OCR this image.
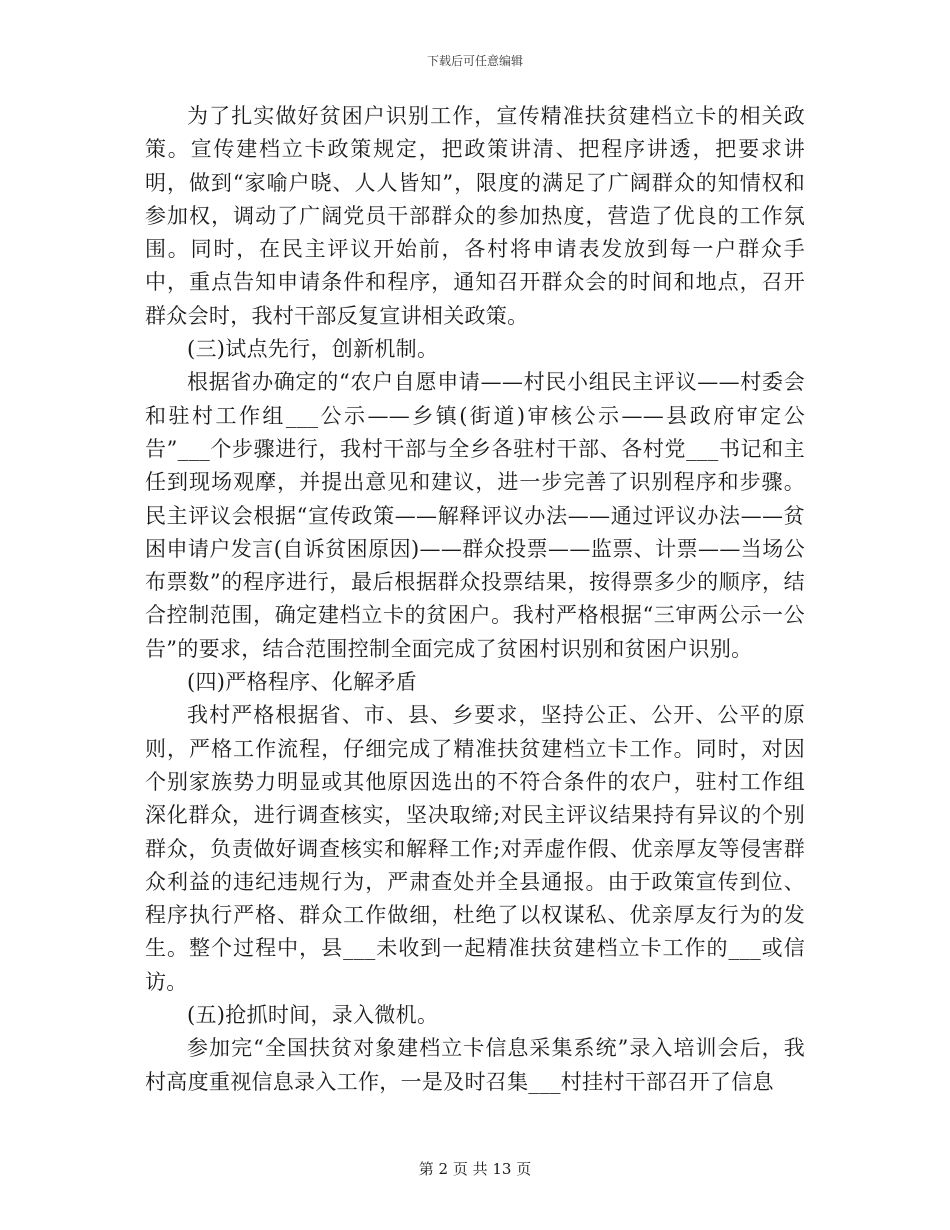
下载后可任意编辑

为了扎实做好贫困户识别工作，宣传精准扶贫建档立卡的相关政策。宣传建档立卡政策规定，把政策讲清、把程序讲透，把要求讲明，做到“家喻户晓、人人皆知”，限度的满足了广阔群众的知情权和参加权，调动了广阔党员干部群众的参加热度，营造了优良的工作氛围。同时，在民主评议开始前，各村将申请表发放到每一户群众手中，重点告知申请条件和程序，通知召开群众会的时间和地点，召开群众会时，我村干部反复宣讲相关政策。

(三)试点先行，创新机制。

根据省办确定的“农户自愿申请——村民小组民主评议——村委会和驻村工作组___公示——乡镇(街道)审核公示——县政府审定公告”___个步骤进行，我村干部与全乡各驻村干部、各村党___书记和主任到现场观摩，并提出意见和建议，进一步完善了识别程序和步骤。民主评议会根据“宣传政策——解释评议办法——通过评议办法——贫困申请户发言(自诉贫困原因)——群众投票——监票、计票——当场公布票数”的程序进行，最后根据群众投票结果，按得票多少的顺序，结合控制范围，确定建档立卡的贫困户。我村严格根据“三审两公示一公告”的要求，结合范围控制全面完成了贫困村识别和贫困户识别。

(四)严格程序、化解矛盾

我村严格根据省、市、县、乡要求，坚持公正、公开、公平的原则，严格工作流程，仔细完成了精准扶贫建档立卡工作。同时，对因个别家族势力明显或其他原因选出的不符合条件的农户，驻村工作组深化群众，进行调查核实，坚决取缔;对民主评议结果持有异议的个别群众，负责做好调查核实和解释工作;对弄虚作假、优亲厚友等侵害群众利益的违纪违规行为，严肃查处并全县通报。由于政策宣传到位、程序执行严格、群众工作做细，杜绝了以权谋私、优亲厚友行为的发生。整个过程中，县___未收到一起精准扶贫建档立卡工作的___或信访。

(五)抢抓时间，录入微机。

参加完“全国扶贫对象建档立卡信息采集系统”录入培训会后，我村高度重视信息录入工作，一是及时召集___村挂村干部召开了信息

第 2 页 共 13 页
